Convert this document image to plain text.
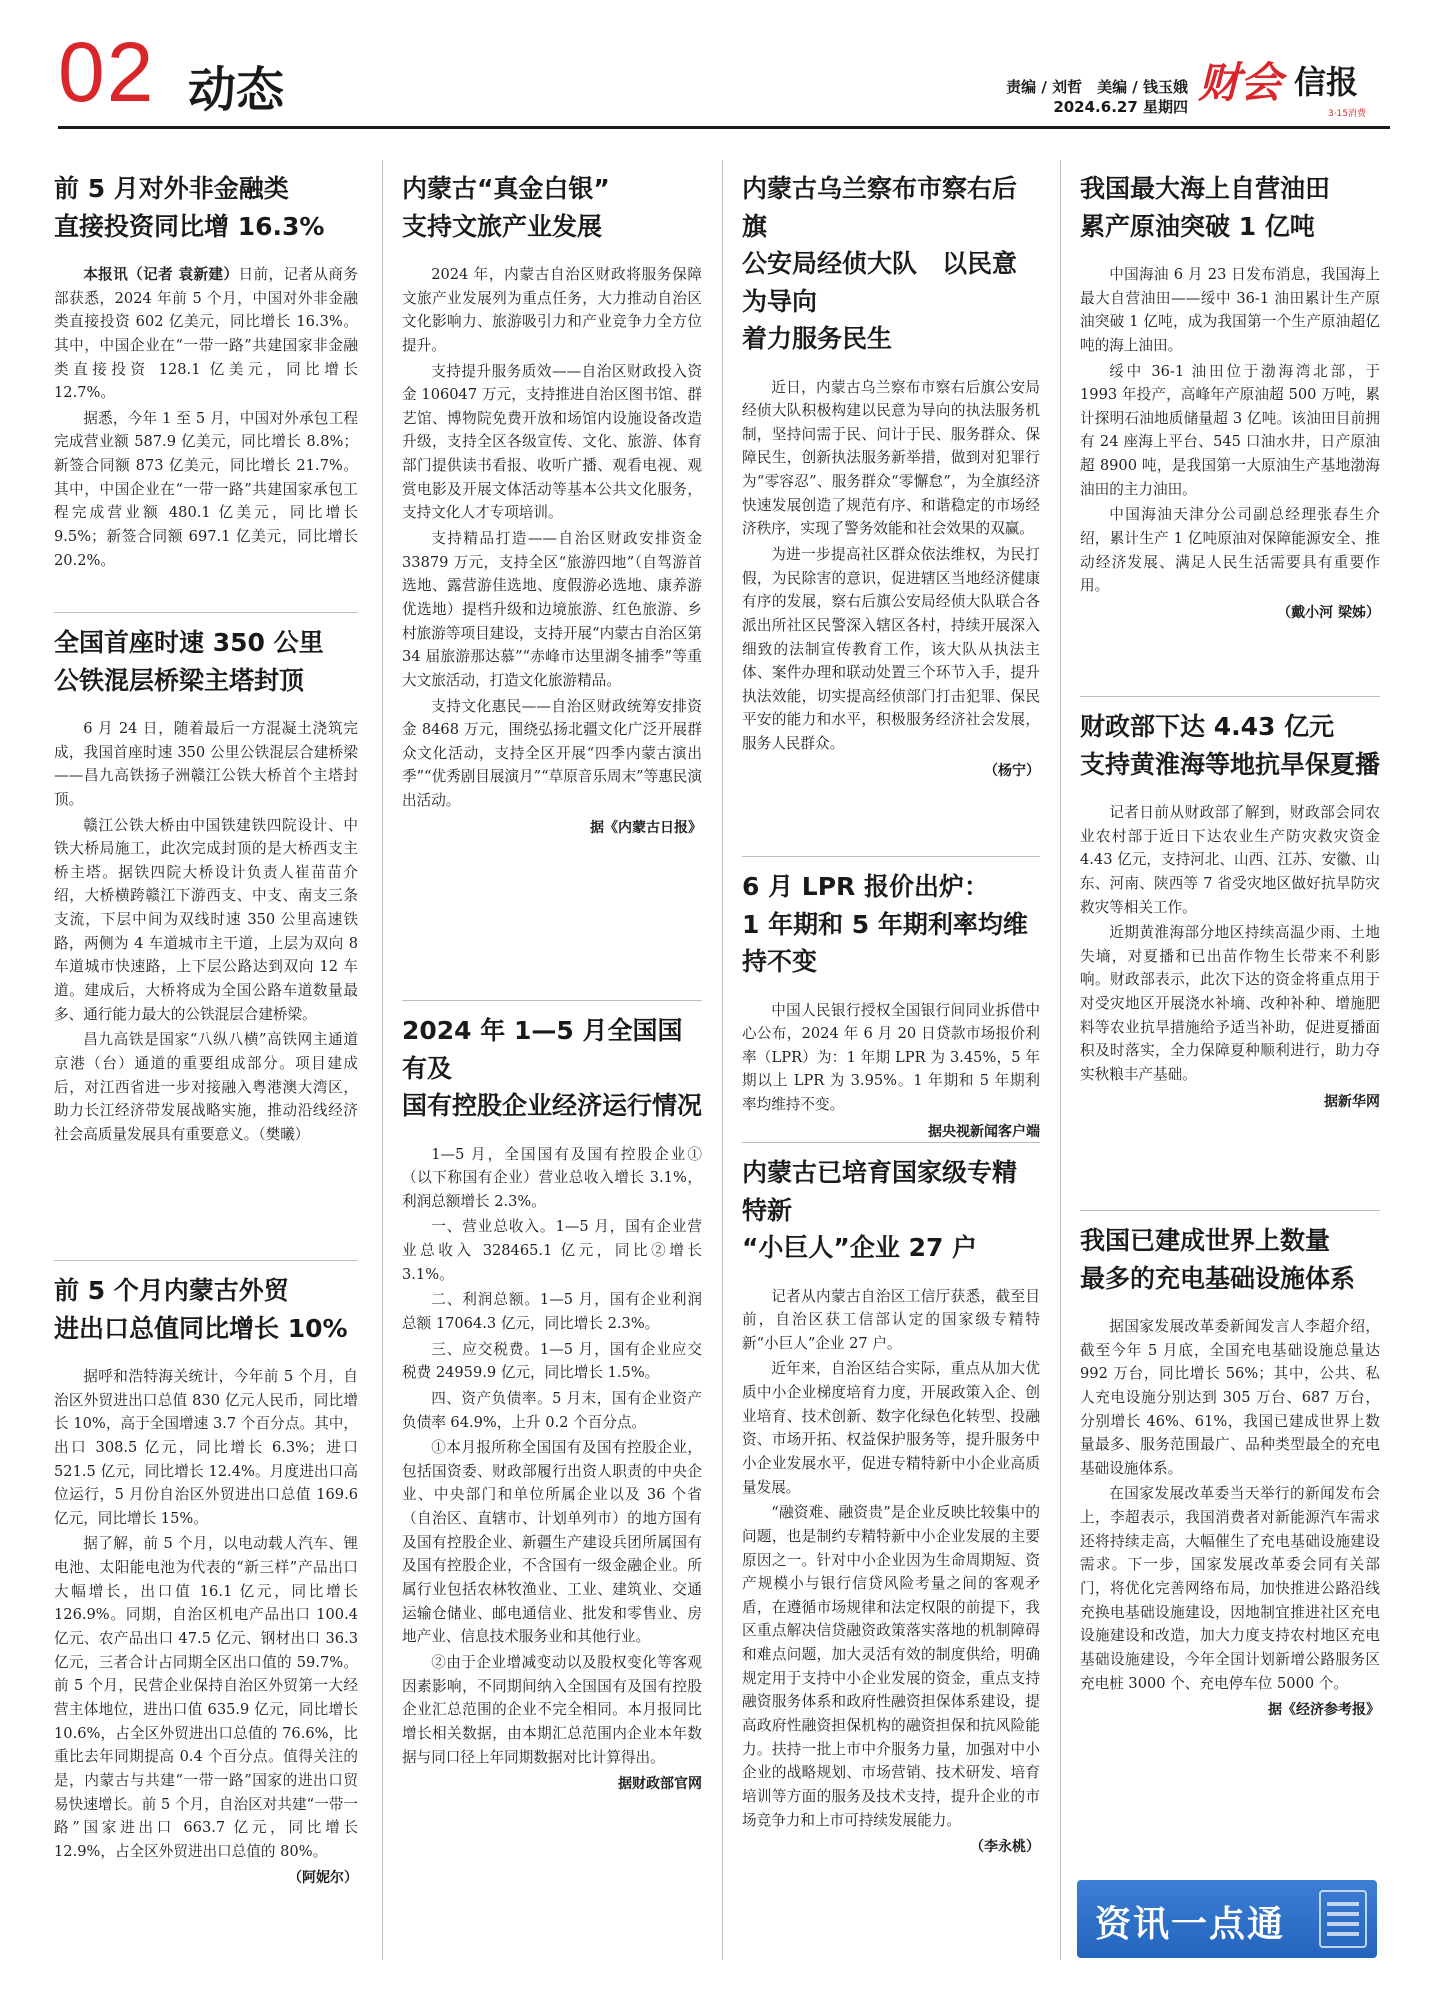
02 动态	责编 / 刘哲　美编 / 钱玉娥
2024.6.27 星期四 财会 信报
3·15消费
前 5 月对外非金融类
直接投资同比增 16.3%

本报讯（记者 袁新建）日前，记者从商务部获悉，2024 年前 5 个月，中国对外非金融类直接投资 602 亿美元，同比增长 16.3%。其中，中国企业在“一带一路”共建国家非金融类直接投资 128.1 亿美元，同比增长 12.7%。

据悉，今年 1 至 5 月，中国对外承包工程完成营业额 587.9 亿美元，同比增长 8.8%；新签合同额 873 亿美元，同比增长 21.7%。其中，中国企业在“一带一路”共建国家承包工程完成营业额 480.1 亿美元，同比增长 9.5%；新签合同额 697.1 亿美元，同比增长 20.2%。

全国首座时速 350 公里
公铁混层桥梁主塔封顶

6 月 24 日，随着最后一方混凝土浇筑完成，我国首座时速 350 公里公铁混层合建桥梁——昌九高铁扬子洲赣江公铁大桥首个主塔封顶。

赣江公铁大桥由中国铁建铁四院设计、中铁大桥局施工，此次完成封顶的是大桥西支主桥主塔。据铁四院大桥设计负责人崔苗苗介绍，大桥横跨赣江下游西支、中支、南支三条支流，下层中间为双线时速 350 公里高速铁路，两侧为 4 车道城市主干道，上层为双向 8 车道城市快速路，上下层公路达到双向 12 车道。建成后，大桥将成为全国公路车道数量最多、通行能力最大的公铁混层合建桥梁。

昌九高铁是国家“八纵八横”高铁网主通道京港（台）通道的重要组成部分。项目建成后，对江西省进一步对接融入粤港澳大湾区，助力长江经济带发展战略实施，推动沿线经济社会高质量发展具有重要意义。（樊曦）

前 5 个月内蒙古外贸
进出口总值同比增长 10%

据呼和浩特海关统计，今年前 5 个月，自治区外贸进出口总值 830 亿元人民币，同比增长 10%，高于全国增速 3.7 个百分点。其中，出口 308.5 亿元，同比增长 6.3%；进口 521.5 亿元，同比增长 12.4%。月度进出口高位运行，5 月份自治区外贸进出口总值 169.6 亿元，同比增长 15%。

据了解，前 5 个月，以电动载人汽车、锂电池、太阳能电池为代表的“新三样”产品出口大幅增长，出口值 16.1 亿元，同比增长 126.9%。同期，自治区机电产品出口 100.4 亿元、农产品出口 47.5 亿元、钢材出口 36.3 亿元，三者合计占同期全区出口值的 59.7%。前 5 个月，民营企业保持自治区外贸第一大经营主体地位，进出口值 635.9 亿元，同比增长 10.6%，占全区外贸进出口总值的 76.6%，比重比去年同期提高 0.4 个百分点。值得关注的是，内蒙古与共建“一带一路”国家的进出口贸易快速增长。前 5 个月，自治区对共建“一带一路”国家进出口 663.7 亿元，同比增长 12.9%，占全区外贸进出口总值的 80%。

（阿妮尔）
内蒙古“真金白银”
支持文旅产业发展

2024 年，内蒙古自治区财政将服务保障文旅产业发展列为重点任务，大力推动自治区文化影响力、旅游吸引力和产业竞争力全方位提升。

支持提升服务质效——自治区财政投入资金 106047 万元，支持推进自治区图书馆、群艺馆、博物院免费开放和场馆内设施设备改造升级，支持全区各级宣传、文化、旅游、体育部门提供读书看报、收听广播、观看电视、观赏电影及开展文体活动等基本公共文化服务，支持文化人才专项培训。

支持精品打造——自治区财政安排资金 33879 万元，支持全区“旅游四地”（自驾游首选地、露营游佳选地、度假游必选地、康养游优选地）提档升级和边境旅游、红色旅游、乡村旅游等项目建设，支持开展“内蒙古自治区第 34 届旅游那达慕”“赤峰市达里湖冬捕季”等重大文旅活动，打造文化旅游精品。

支持文化惠民——自治区财政统筹安排资金 8468 万元，围绕弘扬北疆文化广泛开展群众文化活动，支持全区开展“四季内蒙古演出季”“优秀剧目展演月”“草原音乐周末”等惠民演出活动。

据《内蒙古日报》
2024 年 1—5 月全国国有及
国有控股企业经济运行情况

1—5 月，全国国有及国有控股企业①（以下称国有企业）营业总收入增长 3.1%，利润总额增长 2.3%。

一、营业总收入。1—5 月，国有企业营业总收入 328465.1 亿元，同比②增长 3.1%。

二、利润总额。1—5 月，国有企业利润总额 17064.3 亿元，同比增长 2.3%。

三、应交税费。1—5 月，国有企业应交税费 24959.9 亿元，同比增长 1.5%。

四、资产负债率。5 月末，国有企业资产负债率 64.9%，上升 0.2 个百分点。

①本月报所称全国国有及国有控股企业，包括国资委、财政部履行出资人职责的中央企业、中央部门和单位所属企业以及 36 个省（自治区、直辖市、计划单列市）的地方国有及国有控股企业、新疆生产建设兵团所属国有及国有控股企业，不含国有一级金融企业。所属行业包括农林牧渔业、工业、建筑业、交通运输仓储业、邮电通信业、批发和零售业、房地产业、信息技术服务业和其他行业。

②由于企业增减变动以及股权变化等客观因素影响，不同期间纳入全国国有及国有控股企业汇总范围的企业不完全相同。本月报同比增长相关数据，由本期汇总范围内企业本年数据与同口径上年同期数据对比计算得出。

据财政部官网
内蒙古乌兰察布市察右后旗
公安局经侦大队　以民意为导向
着力服务民生

近日，内蒙古乌兰察布市察右后旗公安局经侦大队积极构建以民意为导向的执法服务机制，坚持问需于民、问计于民、服务群众、保障民生，创新执法服务新举措，做到对犯罪行为“零容忍”、服务群众“零懈怠”，为全旗经济快速发展创造了规范有序、和谐稳定的市场经济秩序，实现了警务效能和社会效果的双赢。

为进一步提高社区群众依法维权，为民打假，为民除害的意识，促进辖区当地经济健康有序的发展，察右后旗公安局经侦大队联合各派出所社区民警深入辖区各村，持续开展深入细致的法制宣传教育工作，该大队从执法主体、案件办理和联动处置三个环节入手，提升执法效能，切实提高经侦部门打击犯罪、保民平安的能力和水平，积极服务经济社会发展，服务人民群众。

（杨宁）
6 月 LPR 报价出炉：
1 年期和 5 年期利率均维持不变

中国人民银行授权全国银行间同业拆借中心公布，2024 年 6 月 20 日贷款市场报价利率（LPR）为：1 年期 LPR 为 3.45%，5 年期以上 LPR 为 3.95%。1 年期和 5 年期利率均维持不变。

据央视新闻客户端
内蒙古已培育国家级专精特新
“小巨人”企业 27 户

记者从内蒙古自治区工信厅获悉，截至目前，自治区获工信部认定的国家级专精特新“小巨人”企业 27 户。

近年来，自治区结合实际，重点从加大优质中小企业梯度培育力度，开展政策入企、创业培育、技术创新、数字化绿色化转型、投融资、市场开拓、权益保护服务等，提升服务中小企业发展水平，促进专精特新中小企业高质量发展。

“融资难、融资贵”是企业反映比较集中的问题，也是制约专精特新中小企业发展的主要原因之一。针对中小企业因为生命周期短、资产规模小与银行信贷风险考量之间的客观矛盾，在遵循市场规律和法定权限的前提下，我区重点解决信贷融资政策落实落地的机制障碍和难点问题，加大灵活有效的制度供给，明确规定用于支持中小企业发展的资金，重点支持融资服务体系和政府性融资担保体系建设，提高政府性融资担保机构的融资担保和抗风险能力。扶持一批上市中介服务力量，加强对中小企业的战略规划、市场营销、技术研发、培育培训等方面的服务及技术支持，提升企业的市场竞争力和上市可持续发展能力。

（李永桃）
我国最大海上自营油田
累产原油突破 1 亿吨

中国海油 6 月 23 日发布消息，我国海上最大自营油田——绥中 36-1 油田累计生产原油突破 1 亿吨，成为我国第一个生产原油超亿吨的海上油田。

绥中 36-1 油田位于渤海湾北部，于 1993 年投产，高峰年产原油超 500 万吨，累计探明石油地质储量超 3 亿吨。该油田目前拥有 24 座海上平台、545 口油水井，日产原油超 8900 吨，是我国第一大原油生产基地渤海油田的主力油田。

中国海油天津分公司副总经理张春生介绍，累计生产 1 亿吨原油对保障能源安全、推动经济发展、满足人民生活需要具有重要作用。

（戴小河 梁姊）
财政部下达 4.43 亿元
支持黄淮海等地抗旱保夏播

记者日前从财政部了解到，财政部会同农业农村部于近日下达农业生产防灾救灾资金 4.43 亿元，支持河北、山西、江苏、安徽、山东、河南、陕西等 7 省受灾地区做好抗旱防灾救灾等相关工作。

近期黄淮海部分地区持续高温少雨、土地失墒，对夏播和已出苗作物生长带来不利影响。财政部表示，此次下达的资金将重点用于对受灾地区开展浇水补墒、改种补种、增施肥料等农业抗旱措施给予适当补助，促进夏播面积及时落实，全力保障夏种顺利进行，助力夺实秋粮丰产基础。

据新华网
我国已建成世界上数量
最多的充电基础设施体系

据国家发展改革委新闻发言人李超介绍，截至今年 5 月底，全国充电基础设施总量达 992 万台，同比增长 56%；其中，公共、私人充电设施分别达到 305 万台、687 万台，分别增长 46%、61%，我国已建成世界上数量最多、服务范围最广、品种类型最全的充电基础设施体系。

在国家发展改革委当天举行的新闻发布会上，李超表示，我国消费者对新能源汽车需求还将持续走高，大幅催生了充电基础设施建设需求。下一步，国家发展改革委会同有关部门，将优化完善网络布局，加快推进公路沿线充换电基础设施建设，因地制宜推进社区充电设施建设和改造，加大力度支持农村地区充电基础设施建设，今年全国计划新增公路服务区充电桩 3000 个、充电停车位 5000 个。

据《经济参考报》
资讯一点通
